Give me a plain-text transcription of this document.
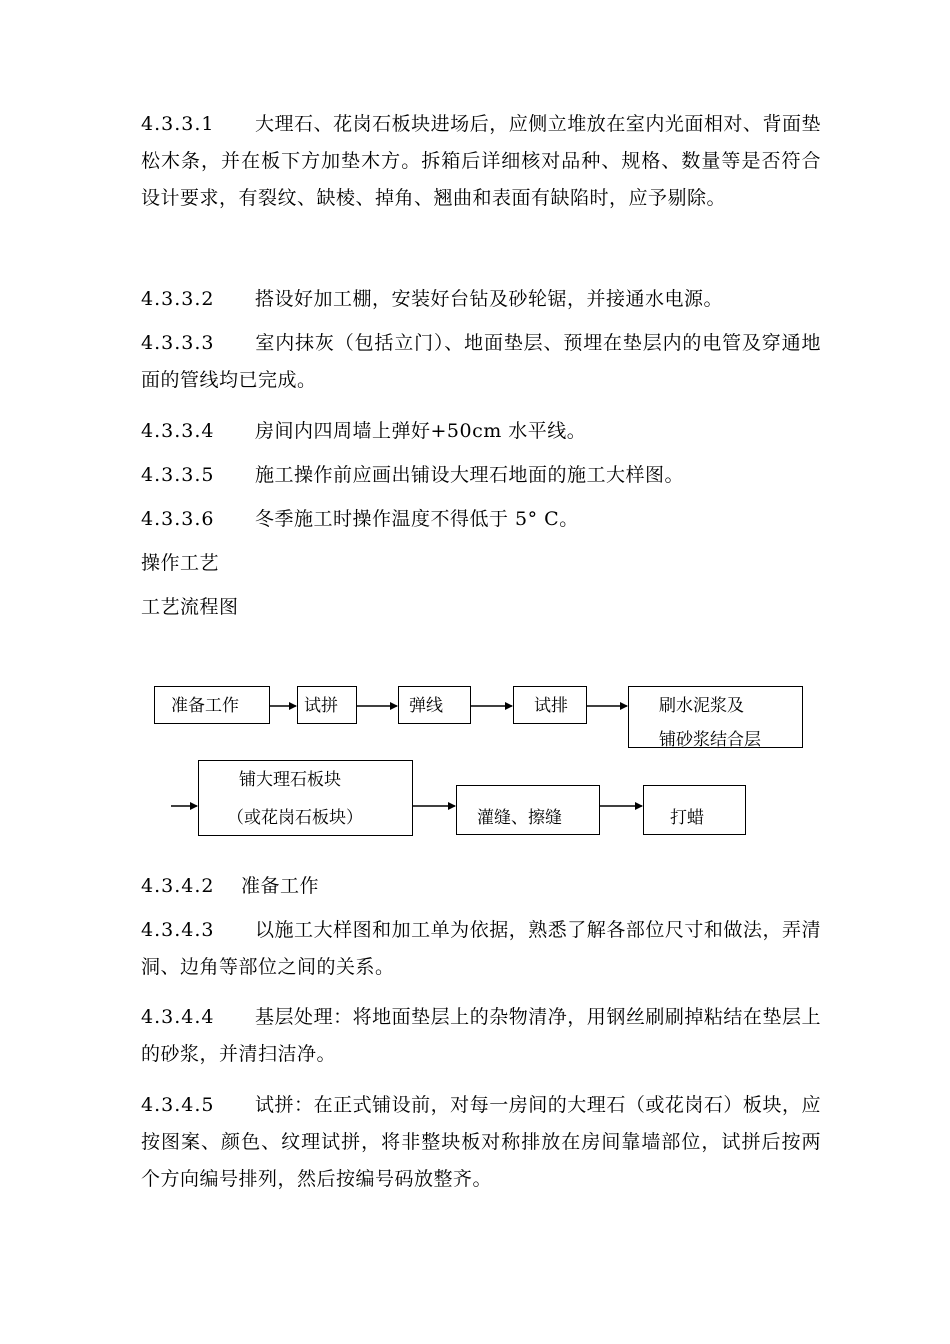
4.3.3.1 大理石、花岗石板块进场后，应侧立堆放在室内光面相对、背面垫松木条，并在板下方加垫木方。拆箱后详细核对品种、规格、数量等是否符合设计要求，有裂纹、缺棱、掉角、翘曲和表面有缺陷时，应予剔除。
4.3.3.2 搭设好加工棚，安装好台钻及砂轮锯，并接通水电源。
4.3.3.3 室内抹灰（包括立门）、地面垫层、预埋在垫层内的电管及穿通地面的管线均已完成。
4.3.3.4 房间内四周墙上弹好+50cm 水平线。
4.3.3.5 施工操作前应画出铺设大理石地面的施工大样图。
4.3.3.6 冬季施工时操作温度不得低于 5° C。
操作工艺
工艺流程图
准备工作	试拼	弹线	试排	刷水泥浆及
铺砂浆结合层
铺大理石板块
（或花岗石板块）	灌缝、擦缝	打蜡
4.3.4.2 准备工作
4.3.4.3 以施工大样图和加工单为依据，熟悉了解各部位尺寸和做法，弄清洞、边角等部位之间的关系。
4.3.4.4 基层处理：将地面垫层上的杂物清净，用钢丝刷刷掉粘结在垫层上的砂浆，并清扫洁净。
4.3.4.5 试拼：在正式铺设前，对每一房间的大理石（或花岗石）板块，应按图案、颜色、纹理试拼，将非整块板对称排放在房间靠墙部位，试拼后按两个方向编号排列，然后按编号码放整齐。
